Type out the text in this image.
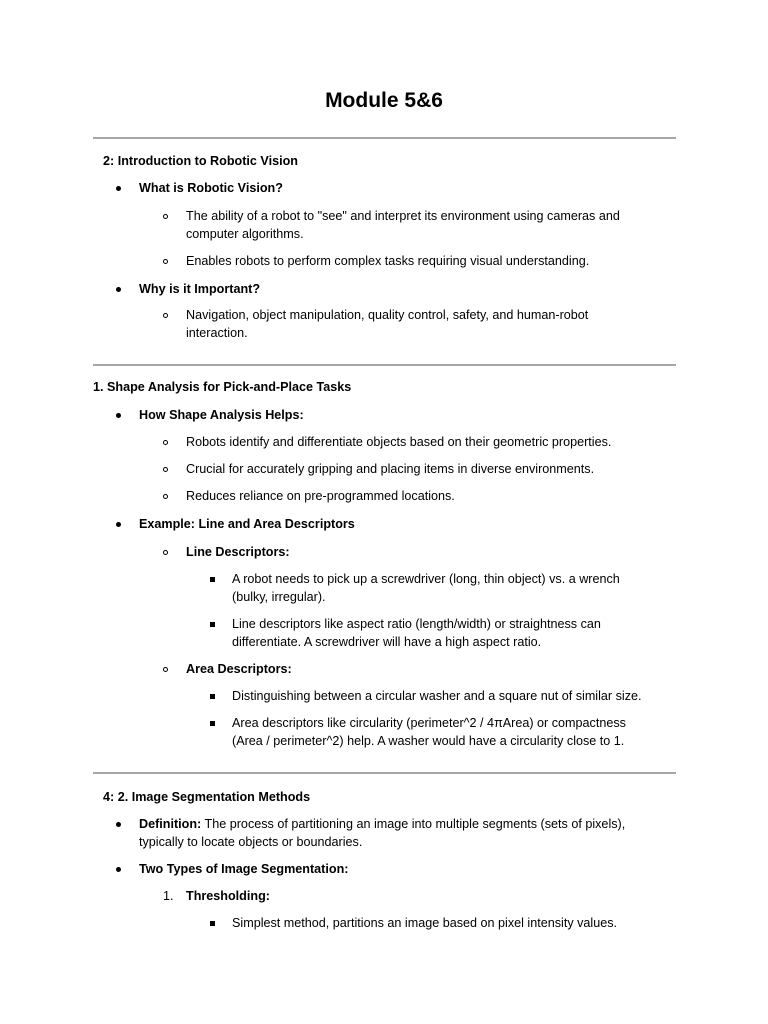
Module 5&6
2: Introduction to Robotic Vision
What is Robotic Vision?
The ability of a robot to "see" and interpret its environment using cameras and
computer algorithms.
Enables robots to perform complex tasks requiring visual understanding.
Why is it Important?
Navigation, object manipulation, quality control, safety, and human-robot
interaction.
1. Shape Analysis for Pick-and-Place Tasks
How Shape Analysis Helps:
Robots identify and differentiate objects based on their geometric properties.
Crucial for accurately gripping and placing items in diverse environments.
Reduces reliance on pre-programmed locations.
Example: Line and Area Descriptors
Line Descriptors:
A robot needs to pick up a screwdriver (long, thin object) vs. a wrench
(bulky, irregular).
Line descriptors like aspect ratio (length/width) or straightness can
differentiate. A screwdriver will have a high aspect ratio.
Area Descriptors:
Distinguishing between a circular washer and a square nut of similar size.
Area descriptors like circularity (perimeter^2 / 4πArea) or compactness
(Area / perimeter^2) help. A washer would have a circularity close to 1.
4: 2. Image Segmentation Methods
Definition: The process of partitioning an image into multiple segments (sets of pixels),
typically to locate objects or boundaries.
Two Types of Image Segmentation:
1. Thresholding:
Simplest method, partitions an image based on pixel intensity values.
